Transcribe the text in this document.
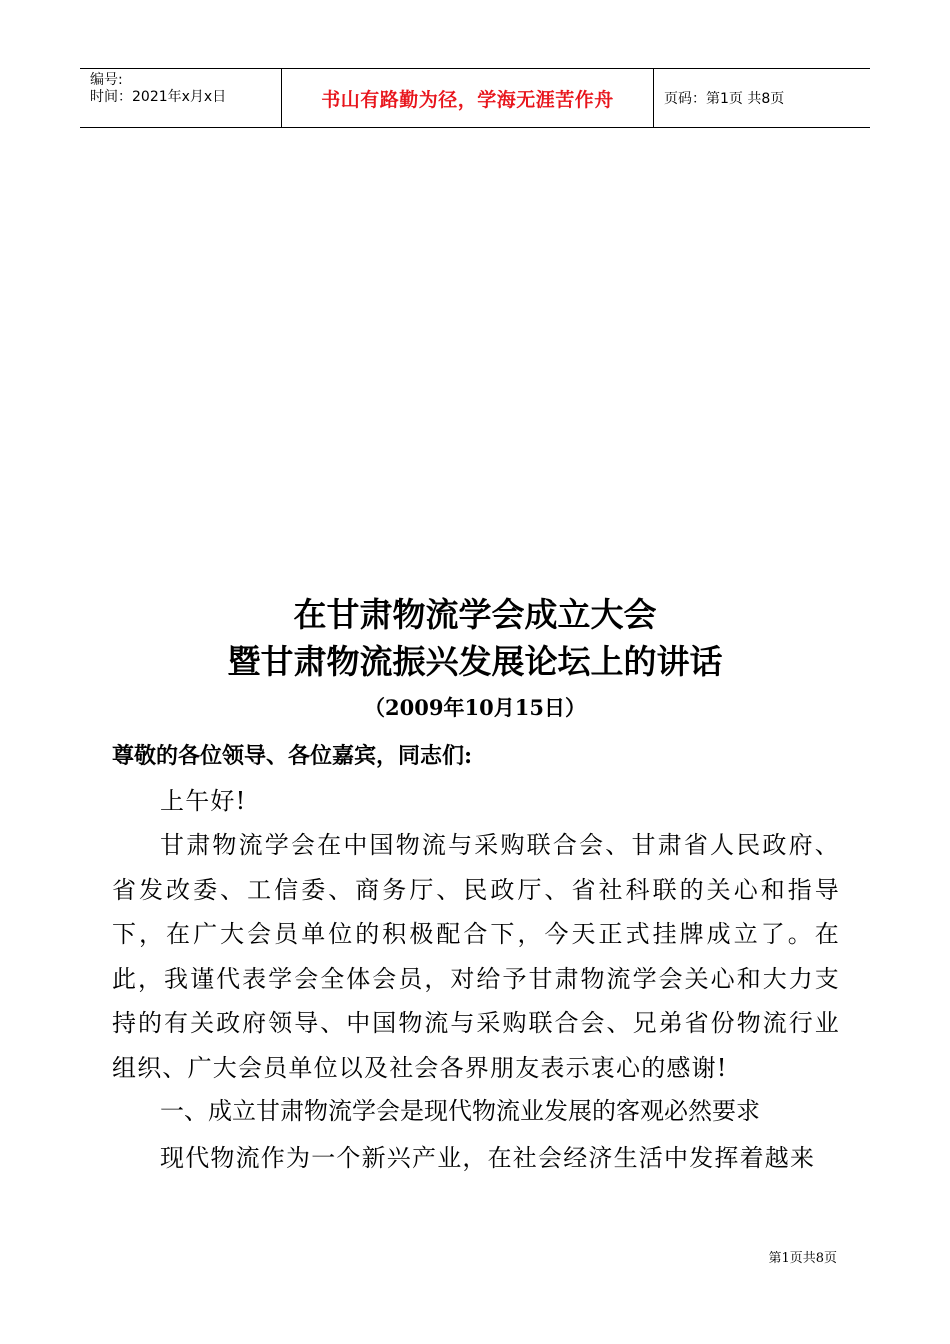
编号:
时间：2021年x月x日	书山有路勤为径，学海无涯苦作舟	页码：第1页 共8页
在甘肃物流学会成立大会
暨甘肃物流振兴发展论坛上的讲话
（2009年10月15日）
尊敬的各位领导、各位嘉宾，同志们:
上午好!
甘肃物流学会在中国物流与采购联合会、甘肃省人民政府、省发改委、工信委、商务厅、民政厅、省社科联的关心和指导下，在广大会员单位的积极配合下，今天正式挂牌成立了。在此，我谨代表学会全体会员，对给予甘肃物流学会关心和大力支持的有关政府领导、中国物流与采购联合会、兄弟省份物流行业组织、广大会员单位以及社会各界朋友表示衷心的感谢!
一、成立甘肃物流学会是现代物流业发展的客观必然要求
现代物流作为一个新兴产业，在社会经济生活中发挥着越来
第1页共8页
